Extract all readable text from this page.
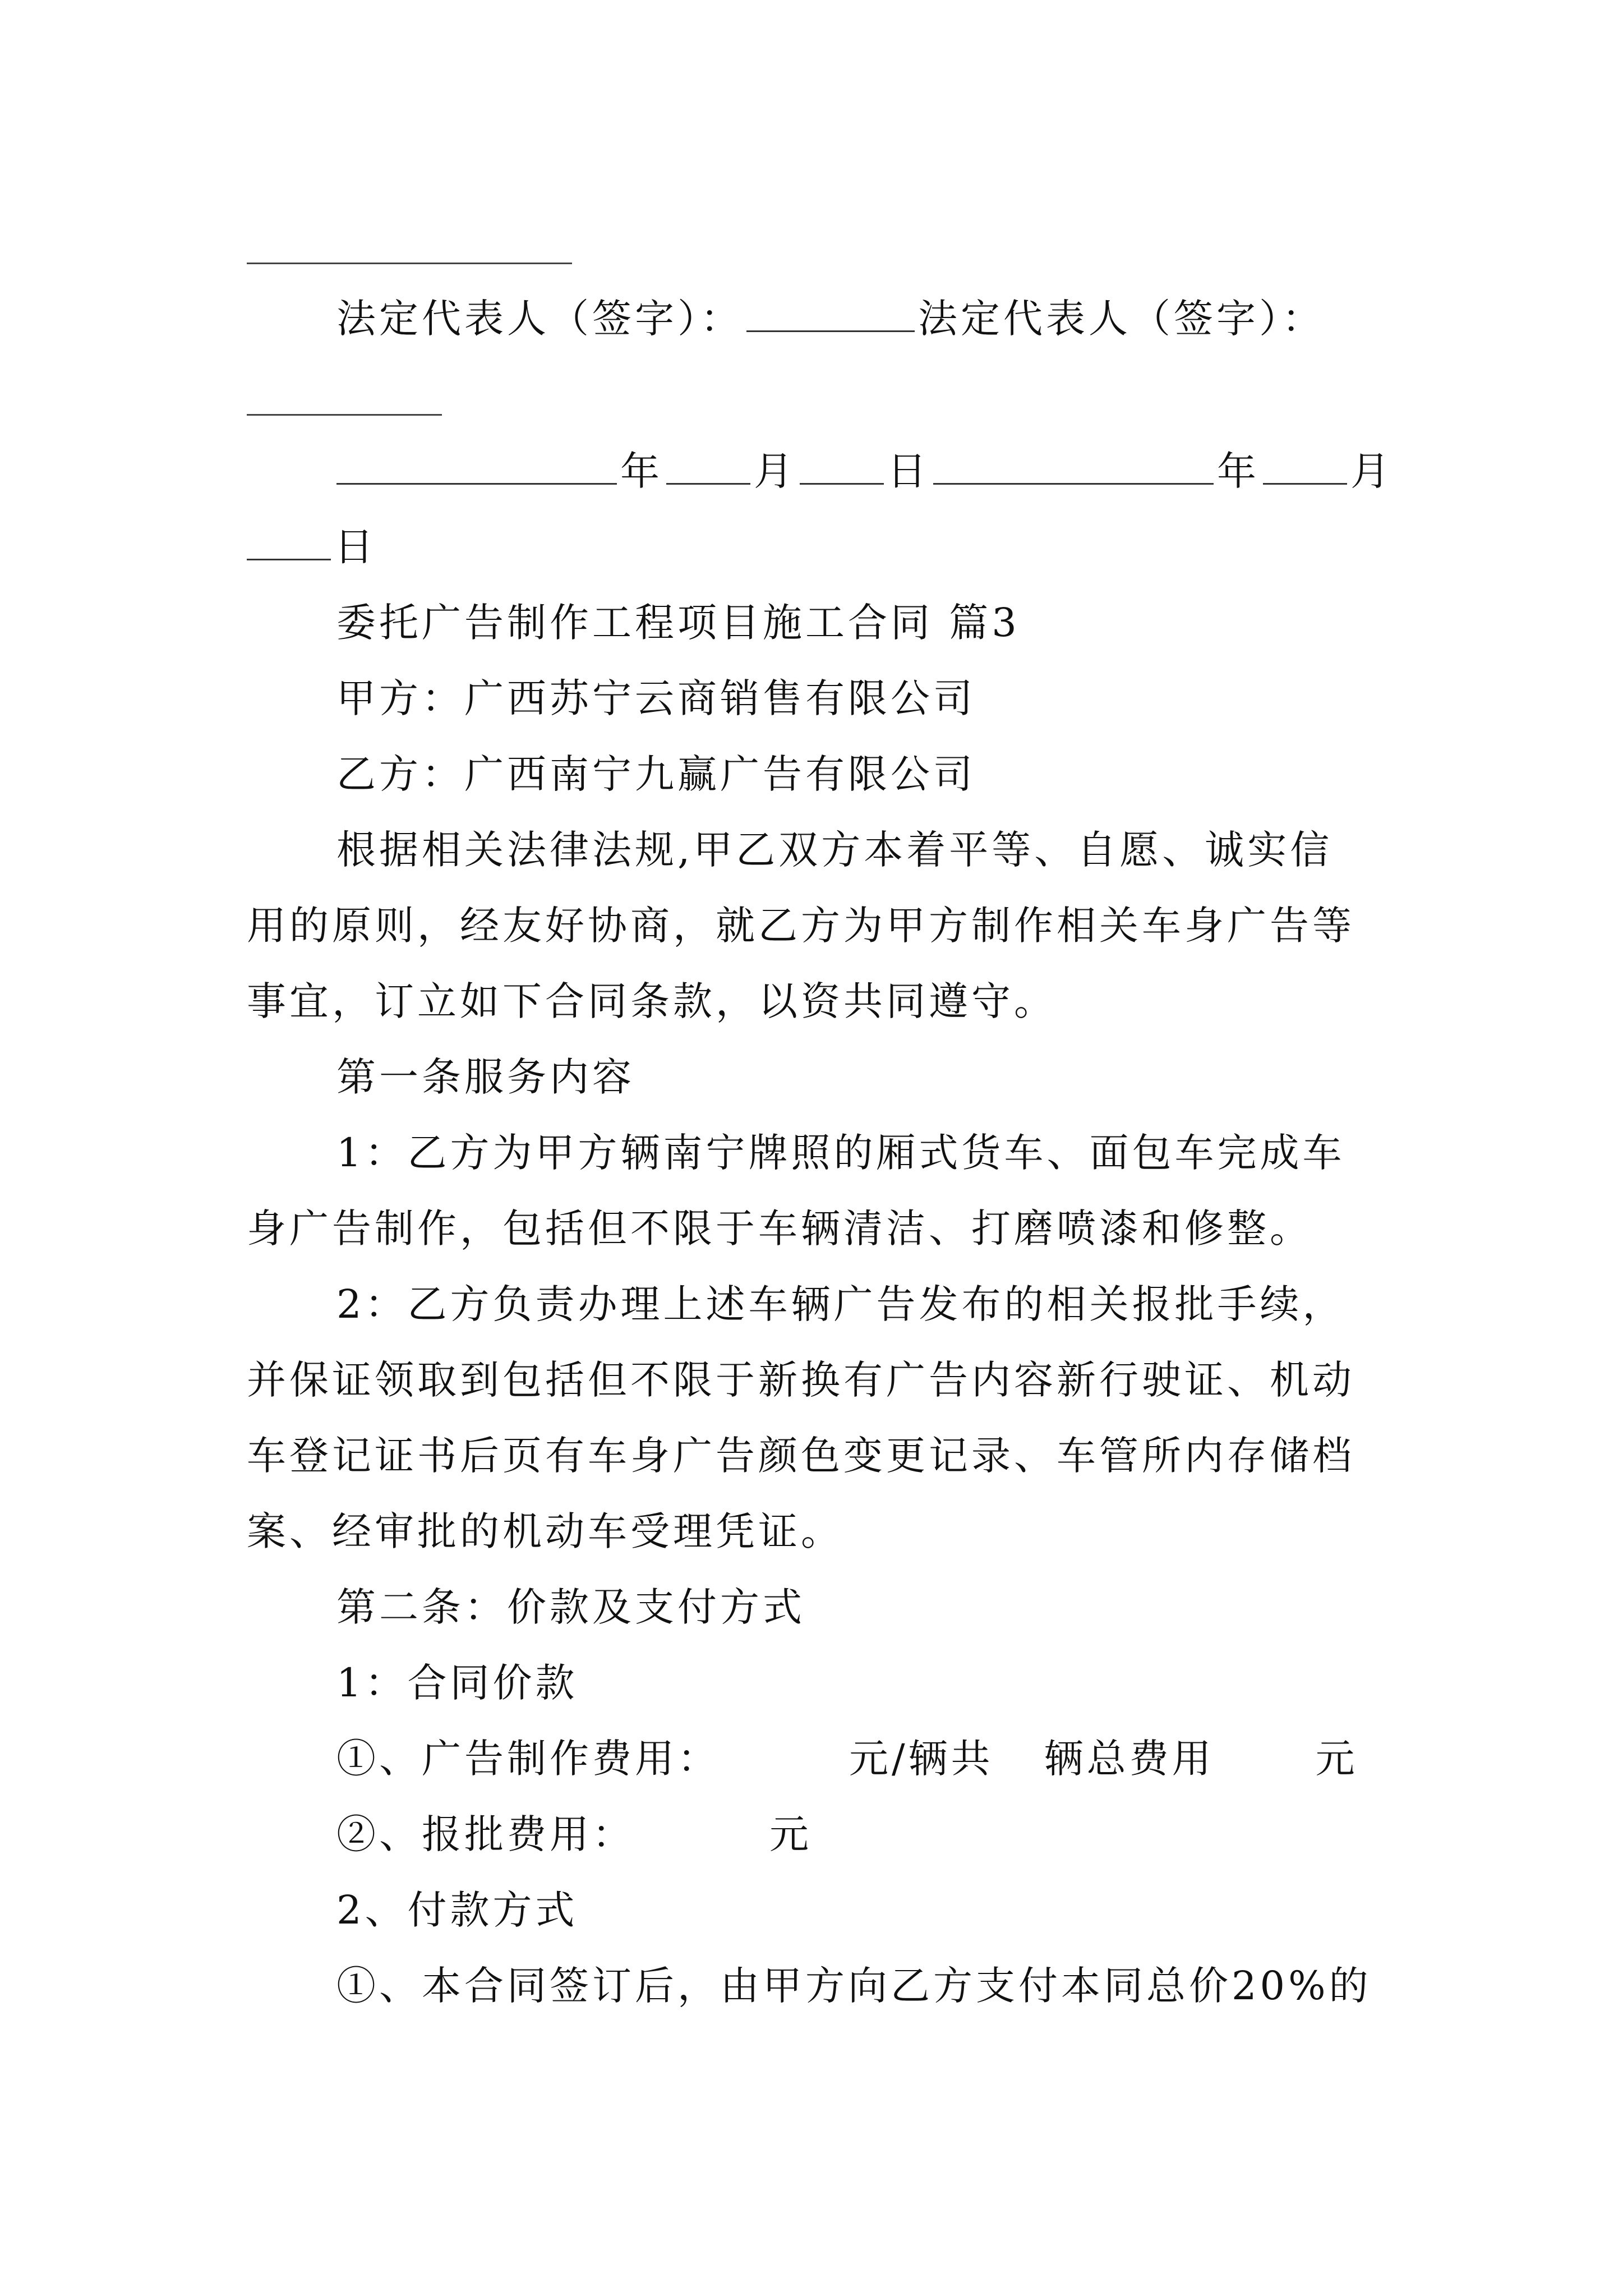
法定代表人（签字）：	法定代表人（签字）：
年 月 日	年 月
日
委托广告制作工程项目施工合同 篇3
甲方：广西苏宁云商销售有限公司
乙方：广西南宁九赢广告有限公司
根据相关法律法规,甲乙双方本着平等、自愿、诚实信
用的原则，经友好协商，就乙方为甲方制作相关车身广告等
事宜，订立如下合同条款，以资共同遵守。
第一条服务内容
1：乙方为甲方辆南宁牌照的厢式货车、面包车完成车
身广告制作，包括但不限于车辆清洁、打磨喷漆和修整。
2：乙方负责办理上述车辆广告发布的相关报批手续，
并保证领取到包括但不限于新换有广告内容新行驶证、机动
车登记证书后页有车身广告颜色变更记录、车管所内存储档
案、经审批的机动车受理凭证。
第二条：价款及支付方式
1：合同价款
①、广告制作费用：	元/辆共 辆总费用	元
②、报批费用：	元
2、付款方式
①、本合同签订后，由甲方向乙方支付本同总价20%的
